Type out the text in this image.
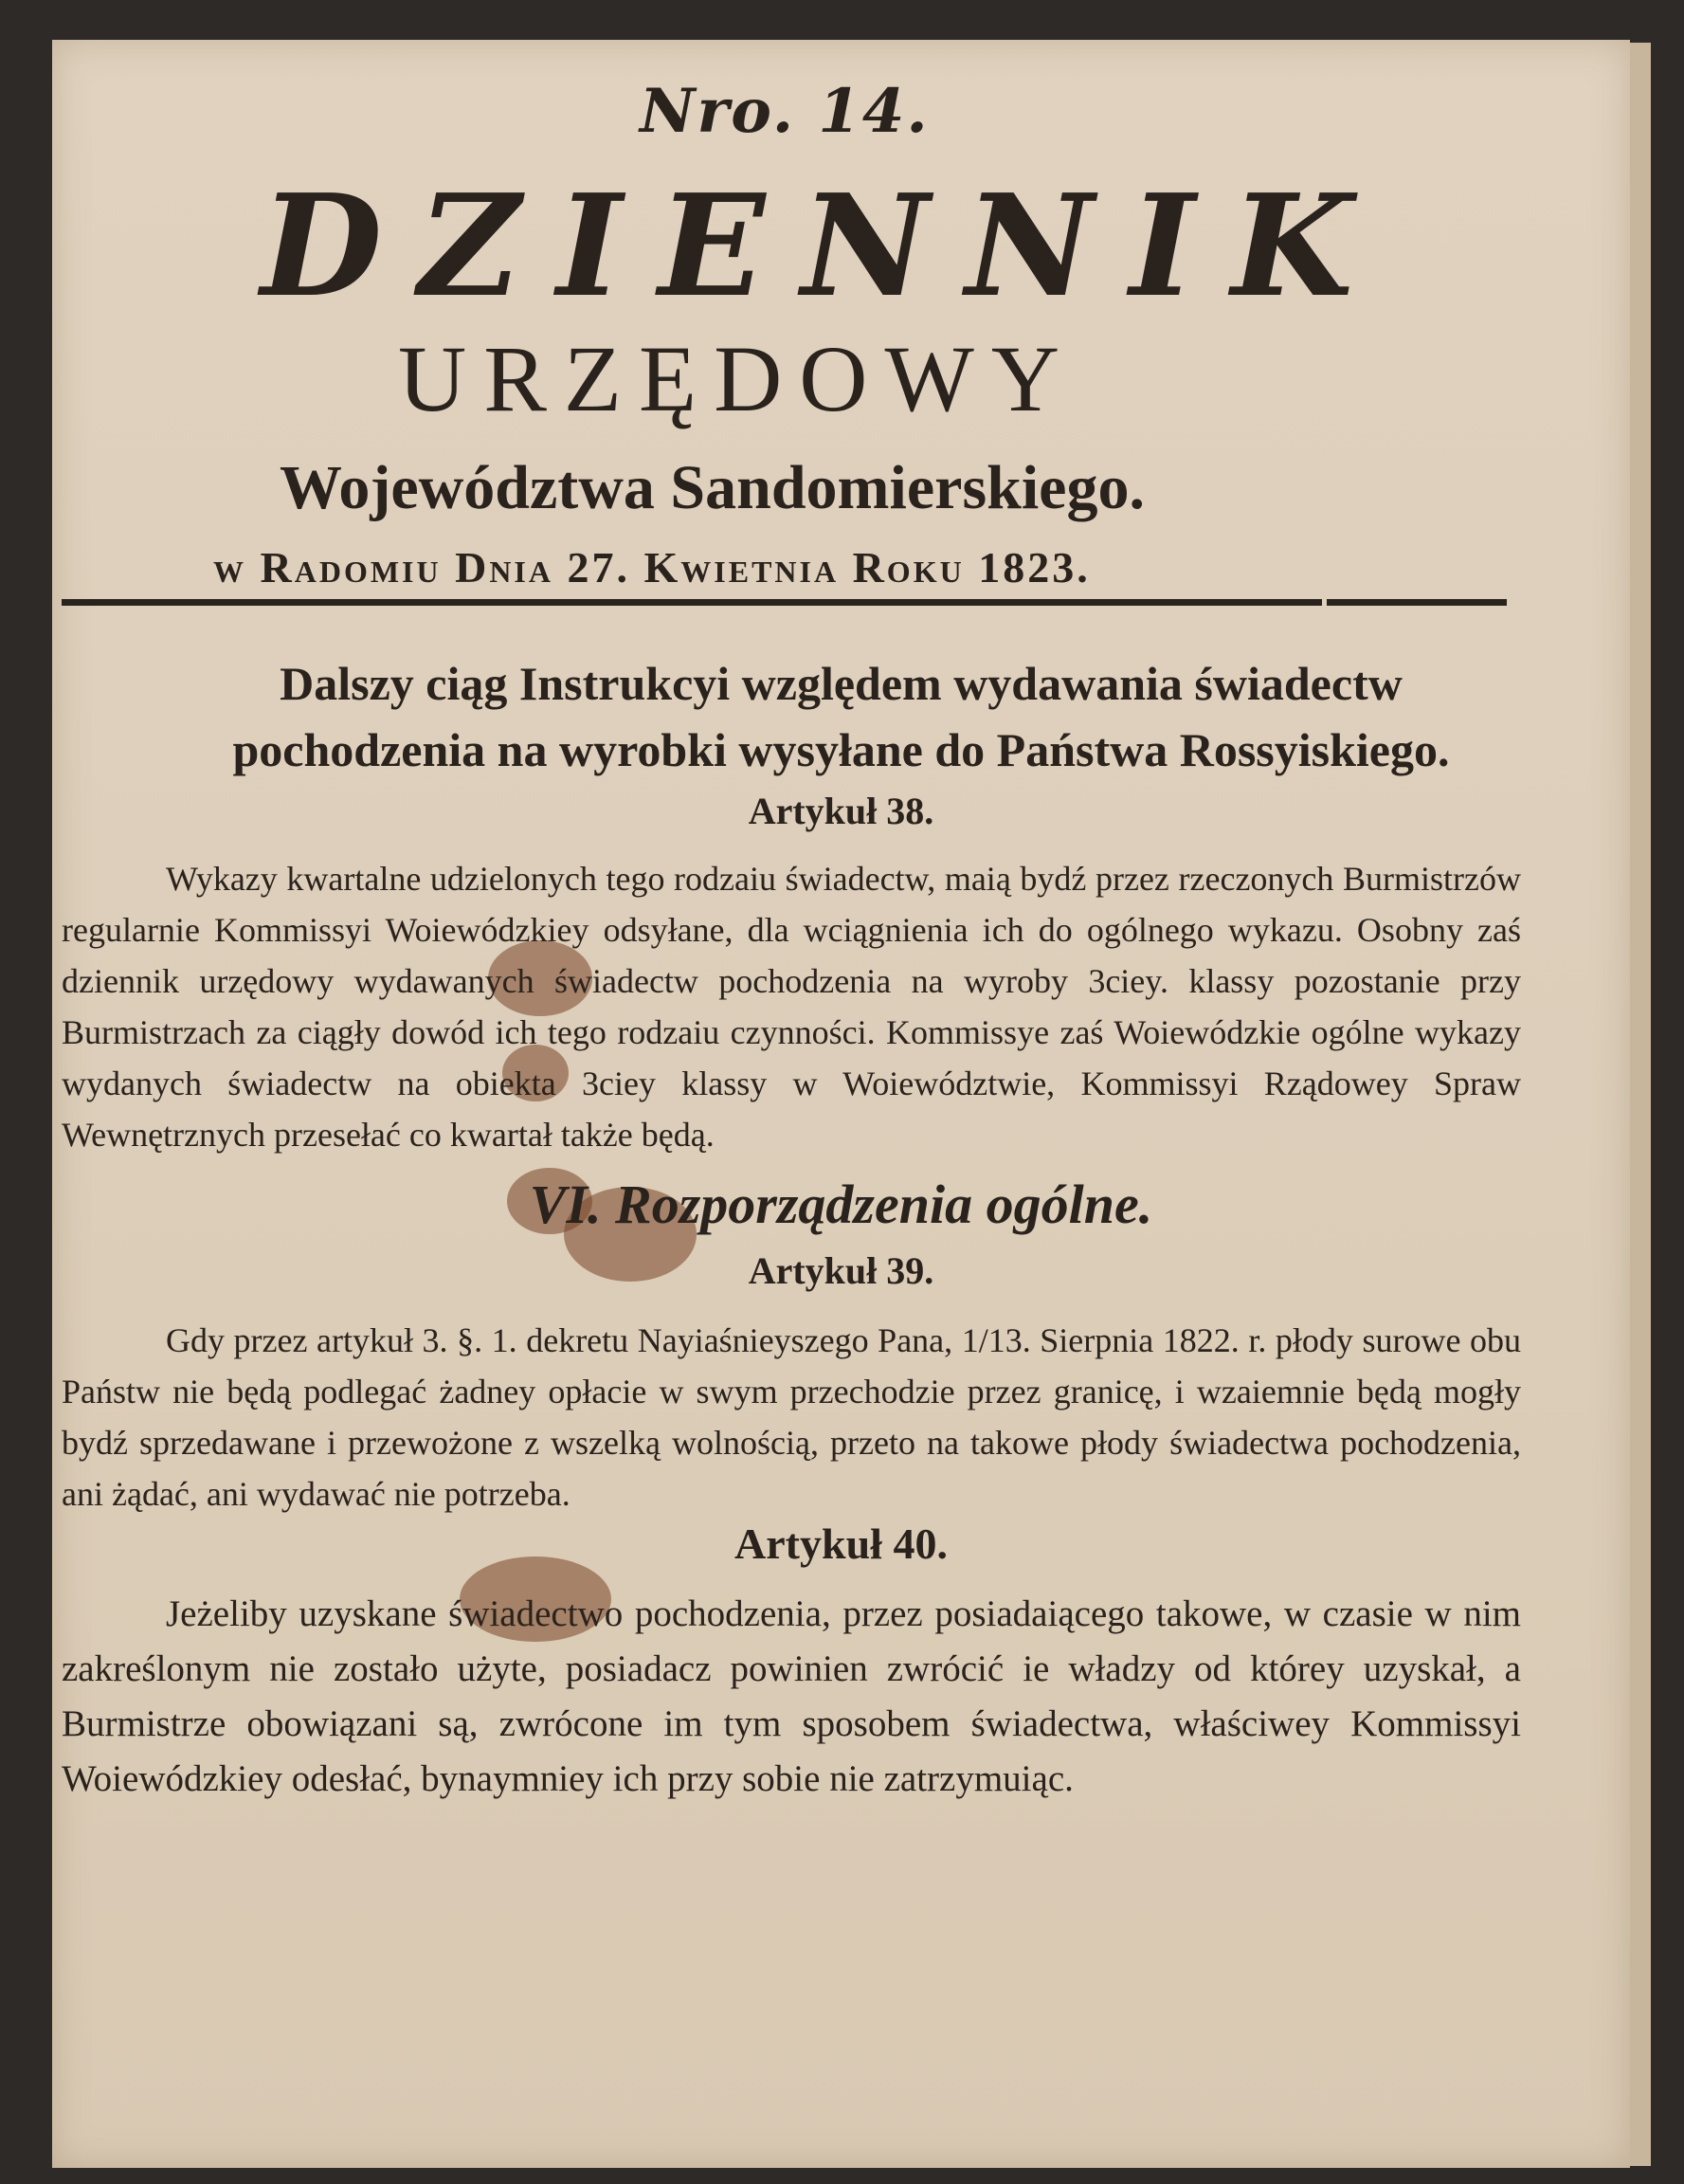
Nro. 14.
DZIENNIK
URZĘDOWY
Województwa Sandomierskiego.
w Radomiu Dnia 27. Kwietnia Roku 1823.
Dalszy ciąg Instrukcyi względem wydawania świadectw
pochodzenia na wyrobki wysyłane do Państwa Rossyiskiego.
Artykuł 38.
Wykazy kwartalne udzielonych tego rodzaiu świadectw, maią bydź przez rzeczonych Burmistrzów regularnie Kommissyi Woiewódzkiey odsyłane, dla wciągnienia ich do ogólnego wykazu. Osobny zaś dziennik urzędowy wydawanych świadectw pochodzenia na wyroby 3ciey. klassy pozostanie przy Burmistrzach za ciągły dowód ich tego rodzaiu czynności. Kommissye zaś Woiewódzkie ogólne wykazy wydanych świadectw na obiekta 3ciey klassy w Woiewództwie, Kommissyi Rządowey Spraw Wewnętrznych przesełać co kwartał także będą.
VI. Rozporządzenia ogólne.
Artykuł 39.
Gdy przez artykuł 3. §. 1. dekretu Nayiaśnieyszego Pana, 1/13. Sierpnia 1822. r. płody surowe obu Państw nie będą podlegać żadney opłacie w swym przechodzie przez granicę, i wzaiemnie będą mogły bydź sprzedawane i przewożone z wszelką wolnością, przeto na takowe płody świadectwa pochodzenia, ani żądać, ani wydawać nie potrzeba.
Artykuł 40.
Jeżeliby uzyskane świadectwo pochodzenia, przez posiadaiącego takowe, w czasie w nim zakreślonym nie zostało użyte, posiadacz powinien zwrócić ie władzy od którey uzyskał, a Burmistrze obowiązani są, zwrócone im tym sposobem świadectwa, właściwey Kommissyi Woiewódzkiey odesłać, bynaymniey ich przy sobie nie zatrzymuiąc.
